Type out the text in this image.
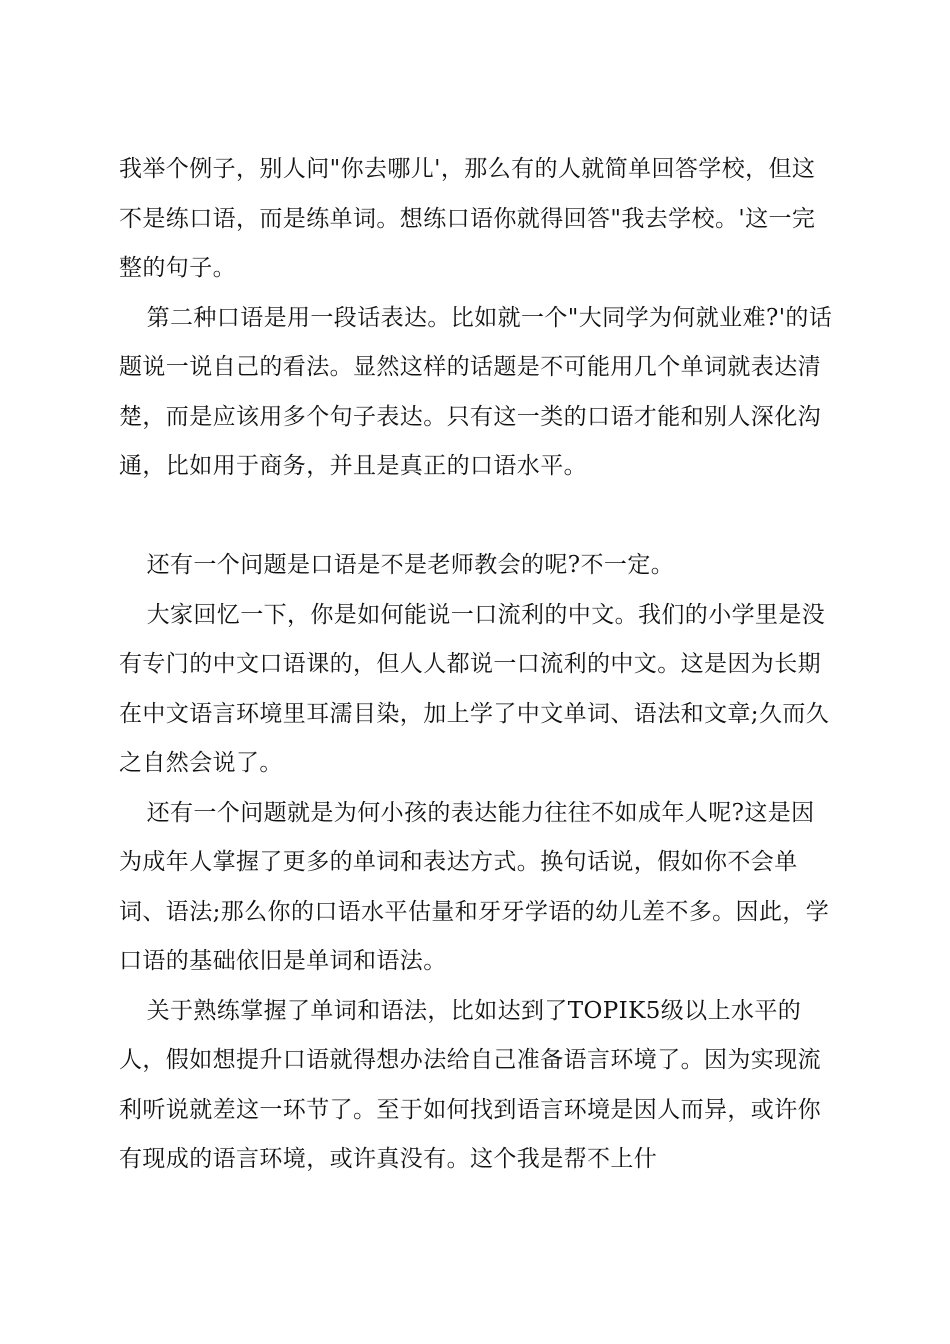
我举个例子，别人问"你去哪儿'，那么有的人就简单回答学校，但这不是练口语，而是练单词。想练口语你就得回答"我去学校。'这一完整的句子。

第二种口语是用一段话表达。比如就一个"大同学为何就业难?'的话题说一说自己的看法。显然这样的话题是不可能用几个单词就表达清楚，而是应该用多个句子表达。只有这一类的口语才能和别人深化沟通，比如用于商务，并且是真正的口语水平。

还有一个问题是口语是不是老师教会的呢?不一定。

大家回忆一下，你是如何能说一口流利的中文。我们的小学里是没有专门的中文口语课的，但人人都说一口流利的中文。这是因为长期在中文语言环境里耳濡目染，加上学了中文单词、语法和文章;久而久之自然会说了。

还有一个问题就是为何小孩的表达能力往往不如成年人呢?这是因为成年人掌握了更多的单词和表达方式。换句话说，假如你不会单词、语法;那么你的口语水平估量和牙牙学语的幼儿差不多。因此，学口语的基础依旧是单词和语法。

关于熟练掌握了单词和语法，比如达到了TOPIK5级以上水平的人，假如想提升口语就得想办法给自己准备语言环境了。因为实现流利听说就差这一环节了。至于如何找到语言环境是因人而异，或许你有现成的语言环境，或许真没有。这个我是帮不上什
